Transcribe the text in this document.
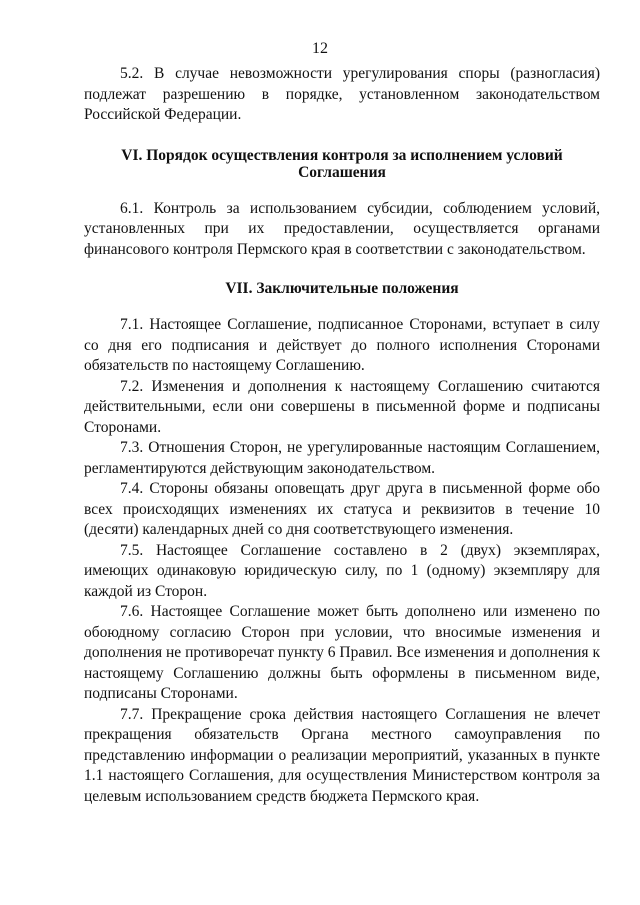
12

5.2. В случае невозможности урегулирования споры (разногласия) подлежат разрешению в порядке, установленном законодательством Российской Федерации.

VI. Порядок осуществления контроля за исполнением условий
Соглашения

6.1. Контроль за использованием субсидии, соблюдением условий, установленных при их предоставлении, осуществляется органами финансового контроля Пермского края в соответствии с законодательством.

VII. Заключительные положения

7.1. Настоящее Соглашение, подписанное Сторонами, вступает в силу со дня его подписания и действует до полного исполнения Сторонами обязательств по настоящему Соглашению.

7.2. Изменения и дополнения к настоящему Соглашению считаются действительными, если они совершены в письменной форме и подписаны Сторонами.

7.3. Отношения Сторон, не урегулированные настоящим Соглашением, регламентируются действующим законодательством.

7.4. Стороны обязаны оповещать друг друга в письменной форме обо всех происходящих изменениях их статуса и реквизитов в течение 10 (десяти) календарных дней со дня соответствующего изменения.

7.5. Настоящее Соглашение составлено в 2 (двух) экземплярах, имеющих одинаковую юридическую силу, по 1 (одному) экземпляру для каждой из Сторон.

7.6. Настоящее Соглашение может быть дополнено или изменено по обоюдному согласию Сторон при условии, что вносимые изменения и дополнения не противоречат пункту 6 Правил. Все изменения и дополнения к настоящему Соглашению должны быть оформлены в письменном виде, подписаны Сторонами.

7.7. Прекращение срока действия настоящего Соглашения не влечет прекращения обязательств Органа местного самоуправления по представлению информации о реализации мероприятий, указанных в пункте 1.1 настоящего Соглашения, для осуществления Министерством контроля за целевым использованием средств бюджета Пермского края.
